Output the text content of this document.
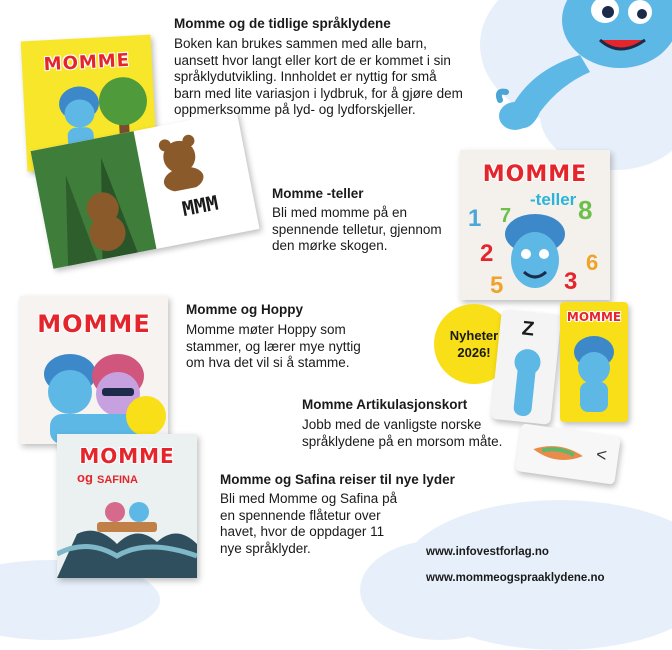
MOMME
MMM
Momme og de tidlige språklydene
Boken kan brukes sammen med alle barn,
uansett hvor langt eller kort de er kommet i sin
språklydutvikling. Innholdet er nyttig for små
barn med lite variasjon i lydbruk, for å gjøre dem
oppmerksomme på lyd- og lydforskjeller.
Momme -teller
Bli med momme på en
spennende telletur, gjennom
den mørke skogen.
MOMME
-teller
1
2
5
7	8
3
6
MOMME
Momme og Hoppy
Momme møter Hoppy som
stammer, og lærer mye nyttig
om hva det vil si å stamme.
Nyheter
2026!
Z
MOMME
<
Momme Artikulasjonskort
Jobb med de vanligste norske
språklydene på en morsom måte.
MOMME
og SAFINA	Momme og Safina reiser til nye lyder
Bli med Momme og Safina på
en spennende flåtetur over
havet, hvor de oppdager 11
nye språklyder.	www.infovestforlag.no
www.mommeogspraaklydene.no
